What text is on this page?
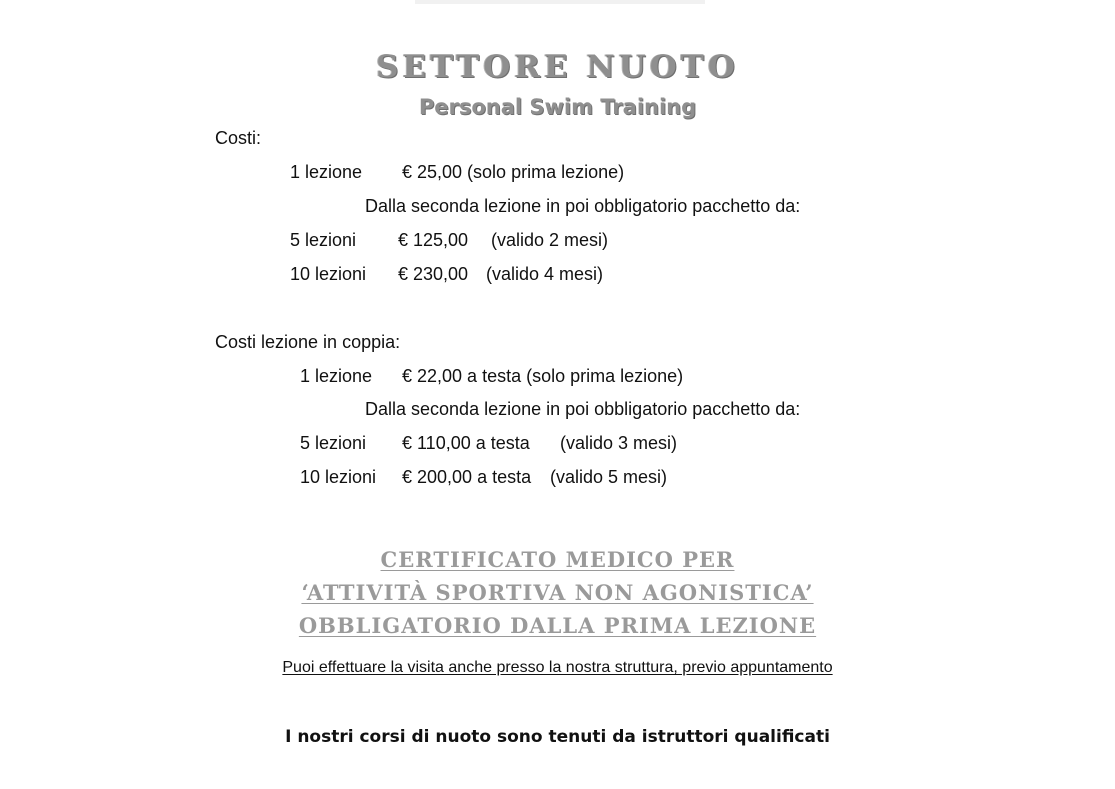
SETTORE NUOTO
Personal Swim Training
Costi:
1 lezione € 25,00 (solo prima lezione)
Dalla seconda lezione in poi obbligatorio pacchetto da:
5 lezioni € 125,00 (valido 2 mesi)
10 lezioni € 230,00 (valido 4 mesi)
Costi lezione in coppia:
1 lezione € 22,00 a testa (solo prima lezione)
Dalla seconda lezione in poi obbligatorio pacchetto da:
5 lezioni € 110,00 a testa (valido 3 mesi)
10 lezioni € 200,00 a testa (valido 5 mesi)
CERTIFICATO MEDICO PER
‘ATTIVITÀ SPORTIVA NON AGONISTICA’
OBBLIGATORIO DALLA PRIMA LEZIONE
Puoi effettuare la visita anche presso la nostra struttura, previo appuntamento
I nostri corsi di nuoto sono tenuti da istruttori qualificati
